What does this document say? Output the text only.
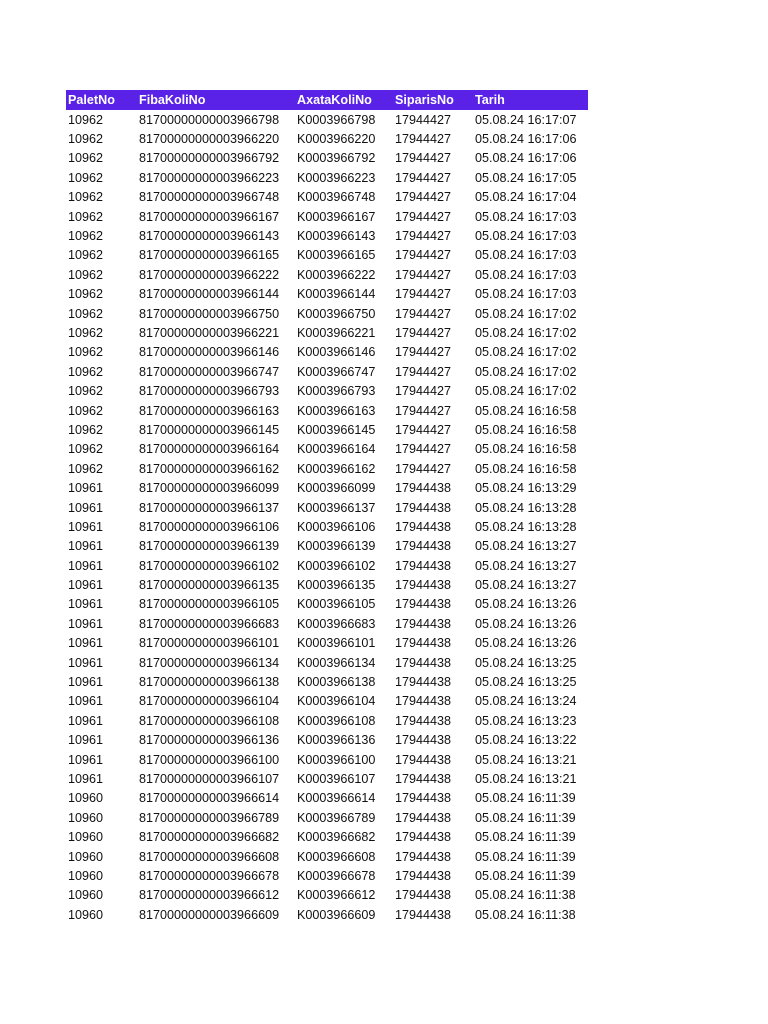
PaletNo	FibaKoliNo	AxataKoliNo	SiparisNo	Tarih
10962	81700000000003966798	K0003966798	17944427	05.08.24 16:17:07
10962	81700000000003966220	K0003966220	17944427	05.08.24 16:17:06
10962	81700000000003966792	K0003966792	17944427	05.08.24 16:17:06
10962	81700000000003966223	K0003966223	17944427	05.08.24 16:17:05
10962	81700000000003966748	K0003966748	17944427	05.08.24 16:17:04
10962	81700000000003966167	K0003966167	17944427	05.08.24 16:17:03
10962	81700000000003966143	K0003966143	17944427	05.08.24 16:17:03
10962	81700000000003966165	K0003966165	17944427	05.08.24 16:17:03
10962	81700000000003966222	K0003966222	17944427	05.08.24 16:17:03
10962	81700000000003966144	K0003966144	17944427	05.08.24 16:17:03
10962	81700000000003966750	K0003966750	17944427	05.08.24 16:17:02
10962	81700000000003966221	K0003966221	17944427	05.08.24 16:17:02
10962	81700000000003966146	K0003966146	17944427	05.08.24 16:17:02
10962	81700000000003966747	K0003966747	17944427	05.08.24 16:17:02
10962	81700000000003966793	K0003966793	17944427	05.08.24 16:17:02
10962	81700000000003966163	K0003966163	17944427	05.08.24 16:16:58
10962	81700000000003966145	K0003966145	17944427	05.08.24 16:16:58
10962	81700000000003966164	K0003966164	17944427	05.08.24 16:16:58
10962	81700000000003966162	K0003966162	17944427	05.08.24 16:16:58
10961	81700000000003966099	K0003966099	17944438	05.08.24 16:13:29
10961	81700000000003966137	K0003966137	17944438	05.08.24 16:13:28
10961	81700000000003966106	K0003966106	17944438	05.08.24 16:13:28
10961	81700000000003966139	K0003966139	17944438	05.08.24 16:13:27
10961	81700000000003966102	K0003966102	17944438	05.08.24 16:13:27
10961	81700000000003966135	K0003966135	17944438	05.08.24 16:13:27
10961	81700000000003966105	K0003966105	17944438	05.08.24 16:13:26
10961	81700000000003966683	K0003966683	17944438	05.08.24 16:13:26
10961	81700000000003966101	K0003966101	17944438	05.08.24 16:13:26
10961	81700000000003966134	K0003966134	17944438	05.08.24 16:13:25
10961	81700000000003966138	K0003966138	17944438	05.08.24 16:13:25
10961	81700000000003966104	K0003966104	17944438	05.08.24 16:13:24
10961	81700000000003966108	K0003966108	17944438	05.08.24 16:13:23
10961	81700000000003966136	K0003966136	17944438	05.08.24 16:13:22
10961	81700000000003966100	K0003966100	17944438	05.08.24 16:13:21
10961	81700000000003966107	K0003966107	17944438	05.08.24 16:13:21
10960	81700000000003966614	K0003966614	17944438	05.08.24 16:11:39
10960	81700000000003966789	K0003966789	17944438	05.08.24 16:11:39
10960	81700000000003966682	K0003966682	17944438	05.08.24 16:11:39
10960	81700000000003966608	K0003966608	17944438	05.08.24 16:11:39
10960	81700000000003966678	K0003966678	17944438	05.08.24 16:11:39
10960	81700000000003966612	K0003966612	17944438	05.08.24 16:11:38
10960	81700000000003966609	K0003966609	17944438	05.08.24 16:11:38
